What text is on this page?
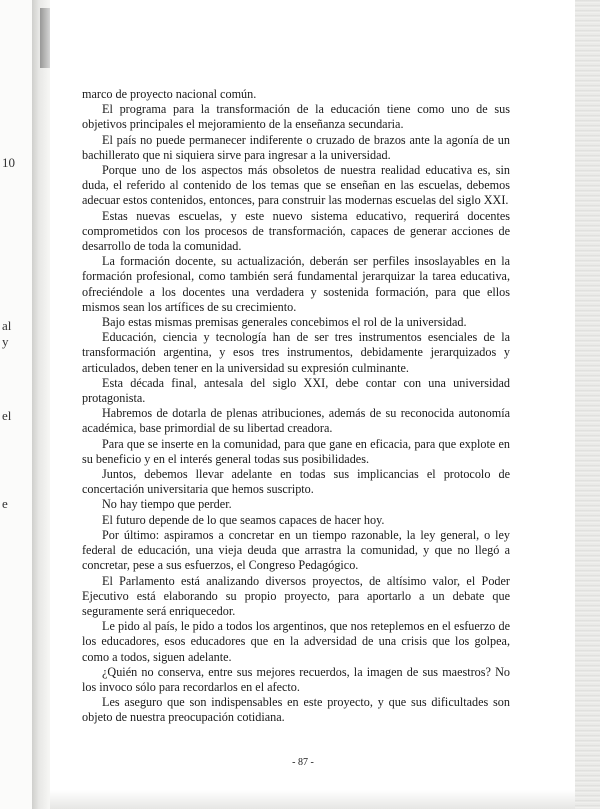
10
al
y
el
e

marco de proyecto nacional común.

El programa para la transformación de la educación tiene como uno de sus objetivos principales el mejoramiento de la enseñanza secundaria.

El país no puede permanecer indiferente o cruzado de brazos ante la agonía de un bachillerato que ni siquiera sirve para ingresar a la universidad.

Porque uno de los aspectos más obsoletos de nuestra realidad educativa es, sin duda, el referido al contenido de los temas que se enseñan en las escuelas, debemos adecuar estos contenidos, entonces, para construir las modernas escuelas del siglo XXI.

Estas nuevas escuelas, y este nuevo sistema educativo, requerirá docentes comprometidos con los procesos de transformación, capaces de generar acciones de desarrollo de toda la comunidad.

La formación docente, su actualización, deberán ser perfiles insoslayables en la formación profesional, como también será fundamental jerarquizar la tarea educativa, ofreciéndole a los docentes una verdadera y sostenida formación, para que ellos mismos sean los artífices de su crecimiento.

Bajo estas mismas premisas generales concebimos el rol de la universidad.

Educación, ciencia y tecnología han de ser tres instrumentos esenciales de la transformación argentina, y esos tres instrumentos, debidamente jerarquizados y articulados, deben tener en la universidad su expresión culminante.

Esta década final, antesala del siglo XXI, debe contar con una universidad protagonista.

Habremos de dotarla de plenas atribuciones, además de su reconocida autonomía académica, base primordial de su libertad creadora.

Para que se inserte en la comunidad, para que gane en eficacia, para que explote en su beneficio y en el interés general todas sus posibilidades.

Juntos, debemos llevar adelante en todas sus implicancias el protocolo de concertación universitaria que hemos suscripto.

No hay tiempo que perder.

El futuro depende de lo que seamos capaces de hacer hoy.

Por último: aspiramos a concretar en un tiempo razonable, la ley general, o ley federal de educación, una vieja deuda que arrastra la comunidad, y que no llegó a concretar, pese a sus esfuerzos, el Congreso Pedagógico.

El Parlamento está analizando diversos proyectos, de altísimo valor, el Poder Ejecutivo está elaborando su propio proyecto, para aportarlo a un debate que seguramente será enriquecedor.

Le pido al país, le pido a todos los argentinos, que nos reteplemos en el esfuerzo de los educadores, esos educadores que en la adversidad de una crisis que los golpea, como a todos, siguen adelante.

¿Quién no conserva, entre sus mejores recuerdos, la imagen de sus maestros? No los invoco sólo para recordarlos en el afecto.

Les aseguro que son indispensables en este proyecto, y que sus dificultades son objeto de nuestra preocupación cotidiana.

- 87 -
